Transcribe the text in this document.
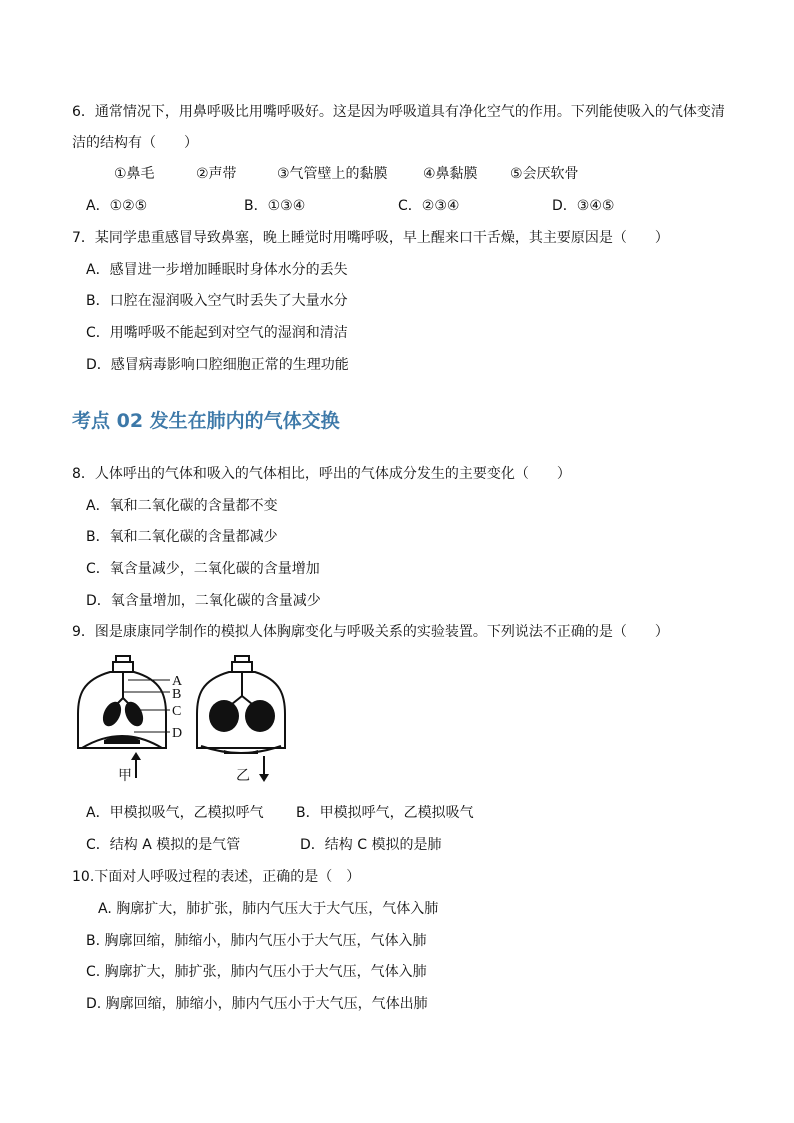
6．通常情况下，用鼻呼吸比用嘴呼吸好。这是因为呼吸道具有净化空气的作用。下列能使吸入的气体变清
洁的结构有（　　）
①鼻毛	②声带	③气管壁上的黏膜	④鼻黏膜 ⑤会厌软骨
A．①②⑤	B．①③④	C．②③④	D．③④⑤
7．某同学患重感冒导致鼻塞，晚上睡觉时用嘴呼吸，早上醒来口干舌燥，其主要原因是（　　）
A．感冒进一步增加睡眠时身体水分的丢失
B．口腔在湿润吸入空气时丢失了大量水分
C．用嘴呼吸不能起到对空气的湿润和清洁
D．感冒病毒影响口腔细胞正常的生理功能
考点 02 发生在肺内的气体交换
8．人体呼出的气体和吸入的气体相比，呼出的气体成分发生的主要变化（　　）
A．氧和二氧化碳的含量都不变
B．氧和二氧化碳的含量都减少
C．氧含量减少，二氧化碳的含量增加
D．氧含量增加，二氧化碳的含量减少
9．图是康康同学制作的模拟人体胸廓变化与呼吸关系的实验装置。下列说法不正确的是（　　）
A
B
C
D
甲	乙
A．甲模拟吸气，乙模拟呼气 B．甲模拟呼气，乙模拟吸气
C．结构 A 模拟的是气管	D．结构 C 模拟的是肺
10.下面对人呼吸过程的表述，正确的是（　）
A. 胸廓扩大，肺扩张，肺内气压大于大气压，气体入肺
B. 胸廓回缩，肺缩小，肺内气压小于大气压，气体入肺
C. 胸廓扩大，肺扩张，肺内气压小于大气压，气体入肺
D. 胸廓回缩，肺缩小，肺内气压小于大气压，气体出肺
